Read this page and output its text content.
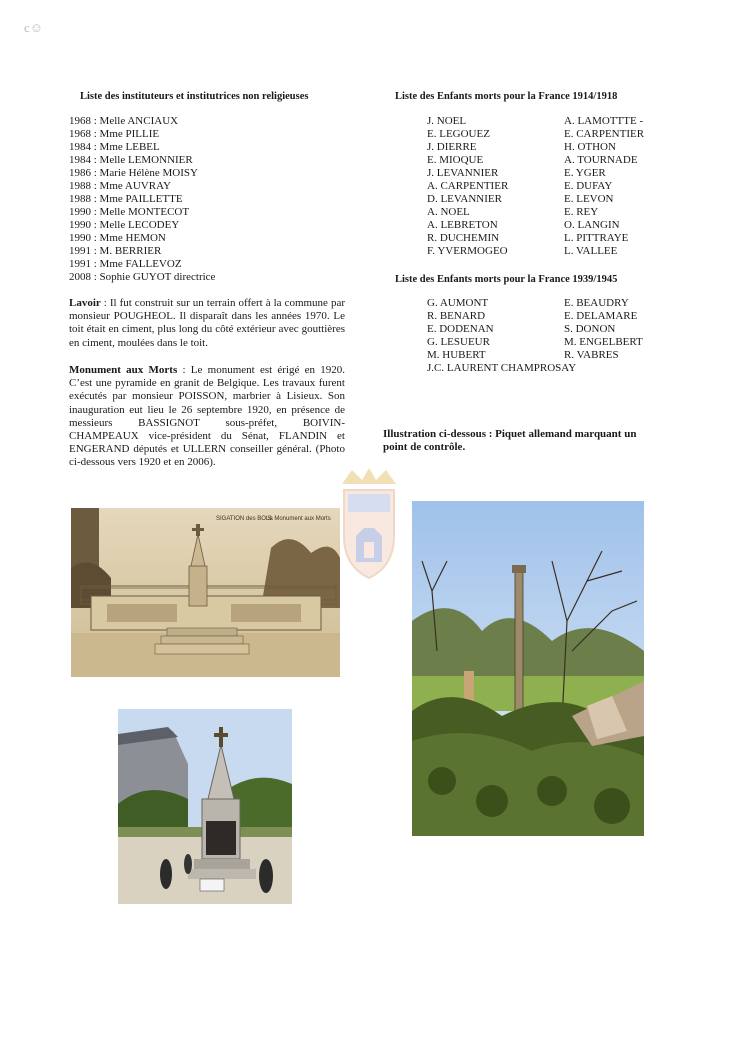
c☺
Liste des instituteurs et institutrices non religieuses
1968 : Melle ANCIAUX
1968 : Mme PILLIE
1984 : Mme LEBEL
1984 : Melle LEMONNIER
1986 : Marie Hélène MOISY
1988 : Mme AUVRAY
1988 : Mme PAILLETTE
1990 : Melle MONTECOT
1990 : Melle LECODEY
1990 : Mme HEMON
1991 : M. BERRIER
1991 : Mme FALLEVOZ
2008 : Sophie GUYOT directrice
Lavoir : Il fut construit sur un terrain offert à la commune par monsieur POUGHEOL. Il disparaît dans les années 1970. Le toit était en ciment, plus long du côté extérieur avec gouttières en ciment, moulées dans le toit.
Monument aux Morts : Le monument est érigé en 1920. C’est une pyramide en granit de Belgique. Les travaux furent exécutés par monsieur POISSON, marbrier à Lisieux. Son inauguration eut lieu le 26 septembre 1920, en présence de messieurs BASSIGNOT sous-préfet, BOIVIN-CHAMPEAUX vice-président du Sénat, FLANDIN et ENGERAND députés et ULLERN conseiller général. (Photo ci-dessous vers 1920 et en 2006).
Liste des Enfants morts pour la France 1914/1918
J. NOEL
E. LEGOUEZ
J. DIERRE
E. MIOQUE
J. LEVANNIER
A. CARPENTIER
D. LEVANNIER
A. NOEL
A. LEBRETON
R. DUCHEMIN
F. YVERMOGEO
A. LAMOTTTE -
E. CARPENTIER
H. OTHON
A. TOURNADE
E. YGER
E. DUFAY
E. LEVON
E. REY
O. LANGIN
L. PITTRAYE
L. VALLEE
Liste des Enfants morts pour la France 1939/1945
G. AUMONT
R. BENARD
E. DODENAN
G. LESUEUR
M. HUBERT
E. BEAUDRY
E. DELAMARE
S. DONON
M. ENGELBERT
R. VABRES
J.C. LAURENT CHAMPROSAY
Illustration ci-dessous : Piquet allemand marquant un point de contrôle.
SIGATION des BOIS.
Le Monument aux Morts
